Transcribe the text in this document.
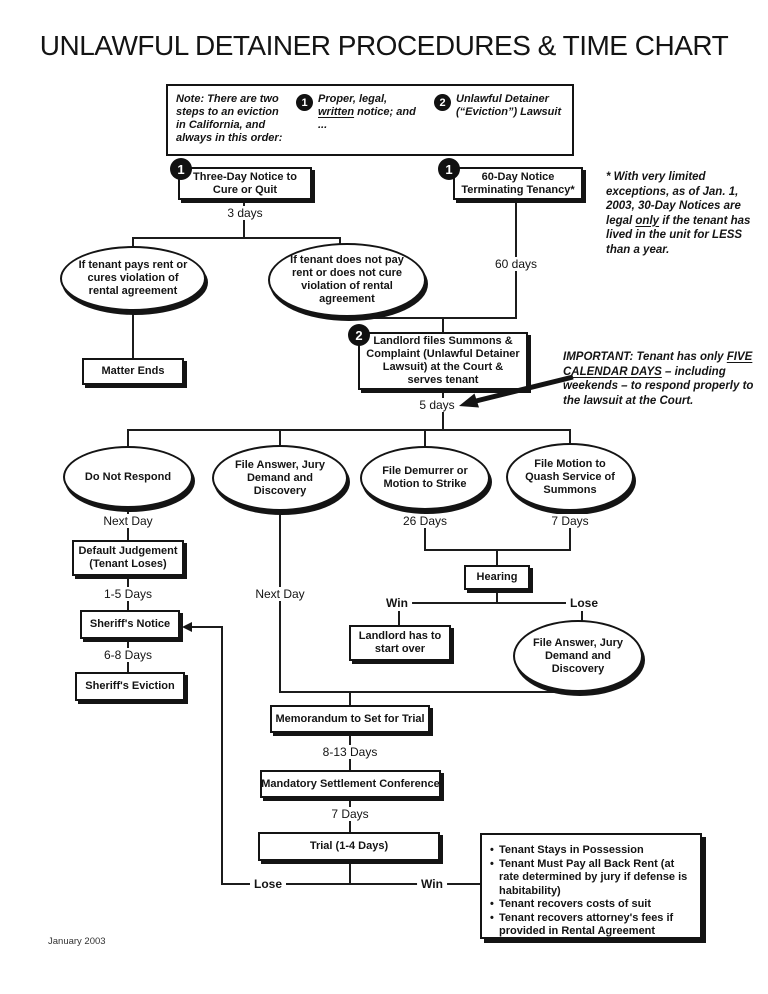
UNLAWFUL DETAINER PROCEDURES & TIME CHART
Note: There are two steps to an eviction in California, and always in this order:
1 Proper, legal, written notice; and ...
2 Unlawful Detainer (“Eviction”) Lawsuit
* With very limited exceptions, as of Jan. 1, 2003, 30-Day Notices are legal only if the tenant has lived in the unit for LESS than a year.
IMPORTANT: Tenant has only FIVE CALENDAR DAYS – including weekends – to respond properly to the lawsuit at the Court.
1	1
2
Three-Day Notice to Cure or Quit
60-Day Notice Terminating Tenancy*
If tenant pays rent or cures violation of rental agreement
If tenant does not pay rent or does not cure violation of rental agreement
Matter Ends
Landlord files Summons & Complaint (Unlawful Detainer Lawsuit) at the Court & serves tenant
Do Not Respond
File Answer, Jury Demand and Discovery
File Demurrer or Motion to Strike
File Motion to Quash Service of Summons
Default Judgement (Tenant Loses)
Sheriff's Notice
Sheriff's Eviction
Hearing
Landlord has to start over
File Answer, Jury Demand and Discovery
Memorandum to Set for Trial
Mandatory Settlement Conference
Trial (1-4 Days)	• Tenant Stays in Possession
• Tenant Must Pay all Back Rent (at rate determined by jury if defense is habitability)
• Tenant recovers costs of suit
• Tenant recovers attorney's fees if provided in Rental Agreement
3 days
60 days
5 days
Next Day	26 Days	7 Days
1-5 Days	Next Day
6-8 Days
Win	Lose
8-13 Days
7 Days
Lose	Win
January 2003
